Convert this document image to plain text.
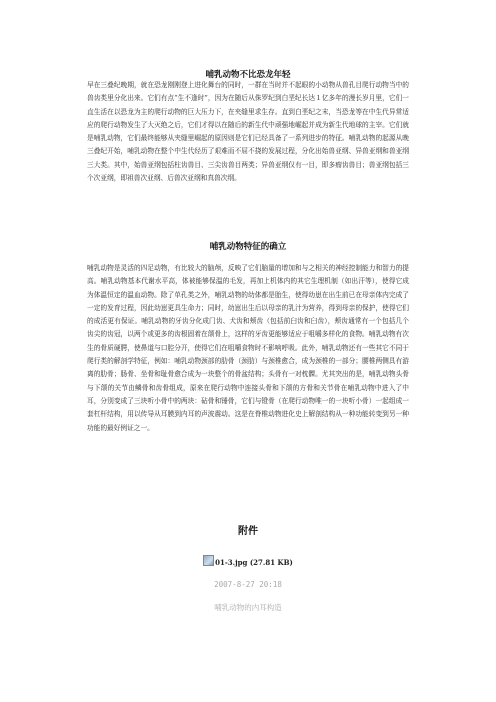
哺乳动物不比恐龙年轻

早在三叠纪晚期，就在恐龙刚刚登上进化舞台的同时，一群在当时并不起眼的小动物从兽孔目爬行动物当中的兽齿类里分化出来。它们有点“生不逢时”，因为在随后从侏罗纪到白垩纪长达１亿多年的漫长岁月里，它们一直生活在以恐龙为主的爬行动物的巨大压力下，在夹缝里求生存。直到白垩纪之末，当恐龙等在中生代异常适应的爬行动物发生了大灭绝之后，它们才得以在随后的新生代中顽强地崛起并成为新生代地球的主宰。它们就是哺乳动物，它们最终能够从夹缝里崛起的原因则是它们已经具备了一系列进步的特征。哺乳动物的起源从晚三叠纪开始，哺乳动物在整个中生代经历了艰难而不屈不挠的发展过程，分化出始兽亚纲、异兽亚纲和兽亚纲三大类。其中，始兽亚纲包括柱齿兽目、三尖齿兽目两类；异兽亚纲仅有一目，即多瘤齿兽目；兽亚纲包括三个次亚纲，即祖兽次亚纲、后兽次亚纲和真兽次纲。

哺乳动物特征的确立

哺乳动物是灵活的四足动物，有比较大的脑颅，反映了它们脑量的增加和与之相关的神经控制能力和智力的提高。哺乳动物基本代谢水平高，体被能够保温的毛发，再加上机体内的其它生理机制（如出汗等），使得它成为体温恒定的温血动物。除了单孔类之外，哺乳动物的幼体都是胎生，使得幼崽在出生前已在母亲体内完成了一定的发育过程，因此幼崽更具生命力；同时，幼崽出生后以母亲的乳汁为营养，得到母亲的保护，使得它们的成活更有保证。哺乳动物的牙齿分化成门齿、犬齿和颊齿（包括前臼齿和臼齿），颊齿通常有一个包括几个齿尖的齿冠，以两个或更多的齿根固着在颌骨上，这样的牙齿更能够适应于咀嚼多样化的食物。哺乳动物有次生的骨质硬腭，使鼻道与口腔分开，使得它们在咀嚼食物时不影响呼吸。此外，哺乳动物还有一些其它不同于爬行类的解剖学特征，例如：哺乳动物颈部的肋骨（颈肋）与颈椎愈合，成为颈椎的一部分；腰椎两侧具有游离的肋骨；肠骨、坐骨和耻骨愈合成为一块整个的骨盆结构；头骨有一对枕髁。尤其突出的是，哺乳动物头骨与下颌的关节由鳞骨和齿骨组成，原来在爬行动物中连接头骨和下颌的方骨和关节骨在哺乳动物中进入了中耳，分别变成了三块听小骨中的两块：砧骨和锤骨，它们与镫骨（在爬行动物唯一的一块听小骨）一起组成一套杠杆结构，用以传导从耳膜到内耳的声波震动。这是在脊椎动物进化史上解剖结构从一种功能转变到另一种功能的最好例证之一。

附件
01-3.jpg (27.81 KB)
2007-8-27 20:18
哺乳动物的内耳构造
